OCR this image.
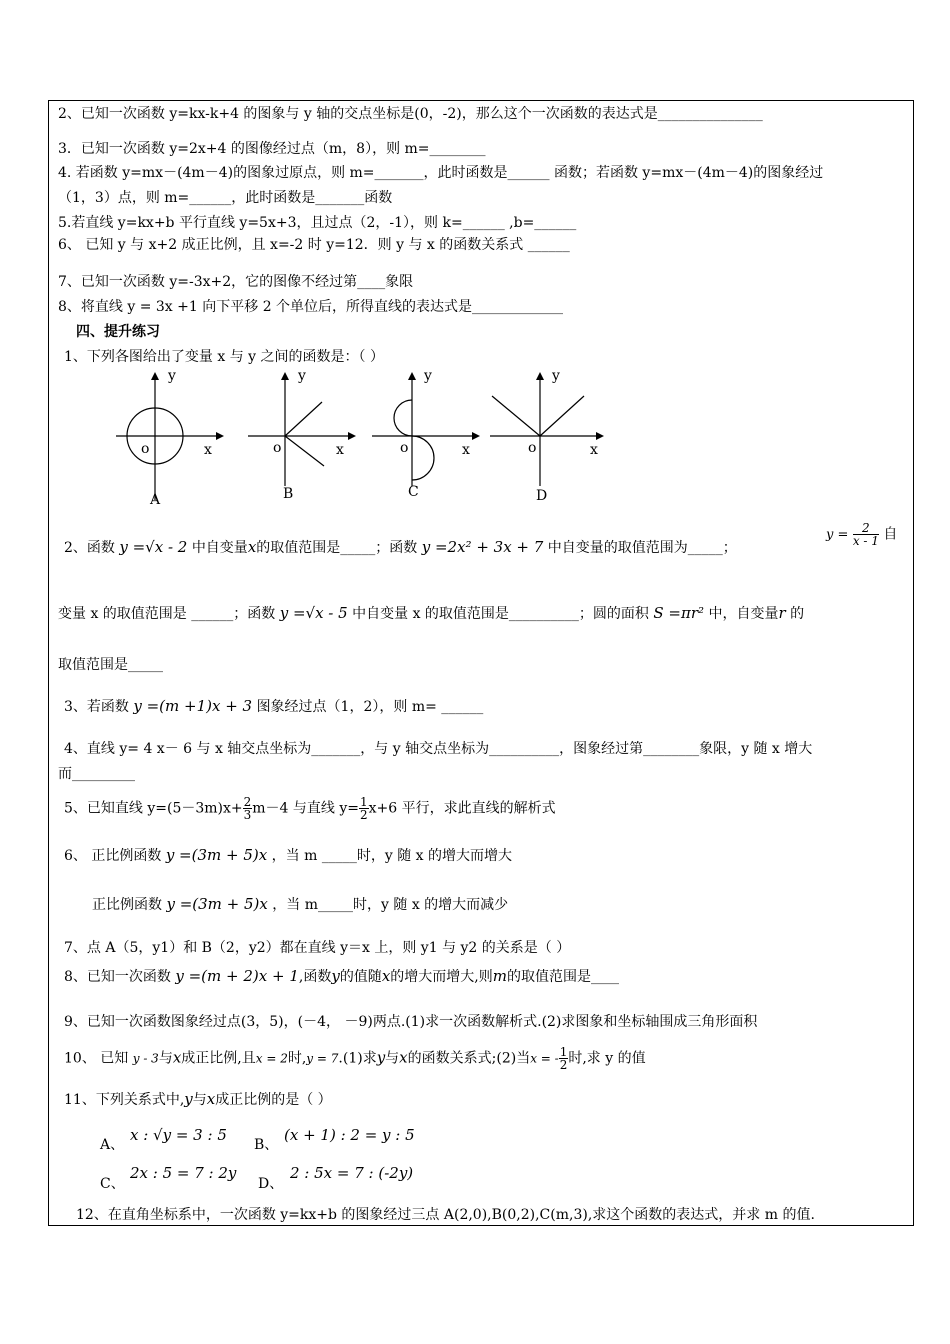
2、已知一次函数 y=kx-k+4 的图象与 y 轴的交点坐标是(0，-2)，那么这个一次函数的表达式是_______________
3．已知一次函数 y=2x+4 的图像经过点（m，8），则 m=________
4. 若函数 y=mx－(4m－4)的图象过原点，则 m=_______，此时函数是______ 函数；若函数 y=mx－(4m－4)的图象经过
（1，3）点，则 m=______，此时函数是_______函数
5.若直线 y=kx+b 平行直线 y=5x+3，且过点（2，-1），则 k=______ ,b=______
6、 已知 y 与 x+2 成正比例，且 x=-2 时 y=12．则 y 与 x 的函数关系式 ______
7、已知一次函数 y=-3x+2，它的图像不经过第____象限
8、将直线 y = 3x +1 向下平移 2 个单位后，所得直线的表达式是_____________
四、提升练习
1、下列各图给出了变量 x 与 y 之间的函数是：（ ）
y
o	x
A
y
o	x
B
y
o	x
C
y
o	x
D
2、函数 y =√x - 2 中自变量x的取值范围是_____；函数 y =2x² + 3x + 7 中自变量的取值范围为_____；
$y = \frac{2}{x - 1}$ 自
变量 x 的取值范围是 ______；函数 y =√x - 5 中自变量 x 的取值范围是__________；圆的面积 S =πr² 中，自变量r 的
取值范围是_____
3、若函数 y =(m +1)x + 3 图象经过点（1，2），则 m= ______
4、直线 y= 4 x－ 6 与 x 轴交点坐标为_______，与 y 轴交点坐标为__________，图象经过第________象限，y 随 x 增大
而_________
5、已知直线 $y=(5-3m)x+ \frac{2}{3} m-4$ 与直线 $y= \frac{1}{2} x+6$ 平行，求此直线的解析式
6、 正比例函数 y =(3m + 5)x ，当 m _____时，y 随 x 的增大而增大
正比例函数 y =(3m + 5)x ，当 m_____时，y 随 x 的增大而减少
7、点 A（5，y1）和 B（2，y2）都在直线 y＝x 上，则 y1 与 y2 的关系是（ ）
8、已知一次函数 y =(m + 2)x + 1,函数y的值随x的增大而增大,则m的取值范围是____
9、已知一次函数图象经过点(3，5)，(－4， －9)两点.(1)求一次函数解析式.(2)求图象和坐标轴围成三角形面积
10、 已知 y - 3与x成正比例,且x = 2时,y = 7.(1)求y与x的函数关系式;(2)当x = - $\frac{1}{2}$ 时,求 y 的值
11、下列关系式中,y与x成正比例的是（ ）
A、
x : √y = 3 : 5
B、
(x + 1) : 2 = y : 5
C、
2x : 5 = 7 : 2y
D、
2 : 5x = 7 : (-2y)
12、在直角坐标系中，一次函数 y=kx+b 的图象经过三点 A(2,0),B(0,2),C(m,3),求这个函数的表达式，并求 m 的值.
